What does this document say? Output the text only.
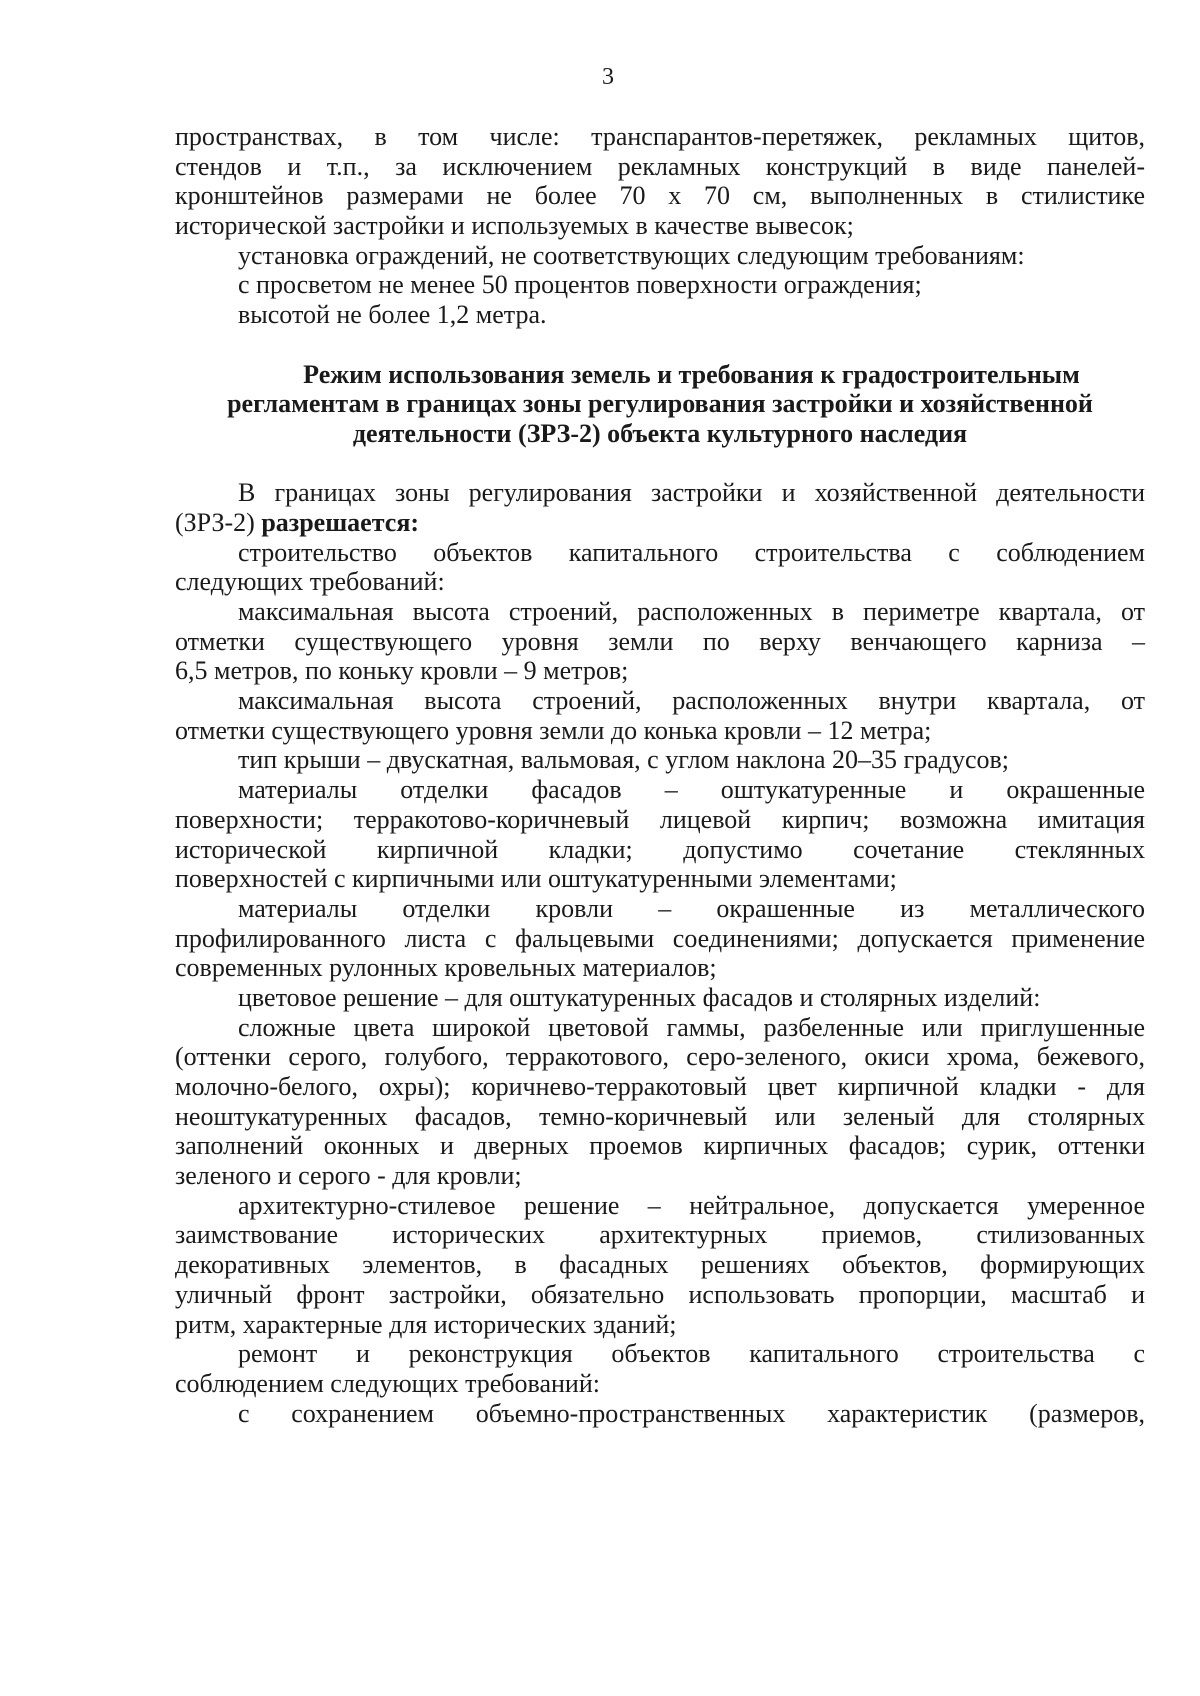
3
пространствах, в том числе: транспарантов-перетяжек, рекламных щитов,
стендов и т.п., за исключением рекламных конструкций в виде панелей-
кронштейнов размерами не более 70 х 70 см, выполненных в стилистике
исторической застройки и используемых в качестве вывесок;
установка ограждений, не соответствующих следующим требованиям:
с просветом не менее 50 процентов поверхности ограждения;
высотой не более 1,2 метра.
Режим использования земель и требования к градостроительным
регламентам в границах зоны регулирования застройки и хозяйственной
деятельности (ЗРЗ-2) объекта культурного наследия
В границах зоны регулирования застройки и хозяйственной деятельности
(ЗРЗ-2) разрешается:
строительство объектов капитального строительства с соблюдением
следующих требований:
максимальная высота строений, расположенных в периметре квартала, от
отметки существующего уровня земли по верху венчающего карниза –
6,5 метров, по коньку кровли – 9 метров;
максимальная высота строений, расположенных внутри квартала, от
отметки существующего уровня земли до конька кровли – 12 метра;
тип крыши – двускатная, вальмовая, с углом наклона 20–35 градусов;
материалы отделки фасадов – оштукатуренные и окрашенные
поверхности; терракотово-коричневый лицевой кирпич; возможна имитация
исторической кирпичной кладки; допустимо сочетание стеклянных
поверхностей с кирпичными или оштукатуренными элементами;
материалы отделки кровли – окрашенные из металлического
профилированного листа с фальцевыми соединениями; допускается применение
современных рулонных кровельных материалов;
цветовое решение – для оштукатуренных фасадов и столярных изделий:
сложные цвета широкой цветовой гаммы, разбеленные или приглушенные
(оттенки серого, голубого, терракотового, серо-зеленого, окиси хрома, бежевого,
молочно-белого, охры); коричнево-терракотовый цвет кирпичной кладки - для
неоштукатуренных фасадов, темно-коричневый или зеленый для столярных
заполнений оконных и дверных проемов кирпичных фасадов; сурик, оттенки
зеленого и серого - для кровли;
архитектурно-стилевое решение – нейтральное, допускается умеренное
заимствование исторических архитектурных приемов, стилизованных
декоративных элементов, в фасадных решениях объектов, формирующих
уличный фронт застройки, обязательно использовать пропорции, масштаб и
ритм, характерные для исторических зданий;
ремонт и реконструкция объектов капитального строительства с
соблюдением следующих требований:
с сохранением объемно-пространственных характеристик (размеров,
